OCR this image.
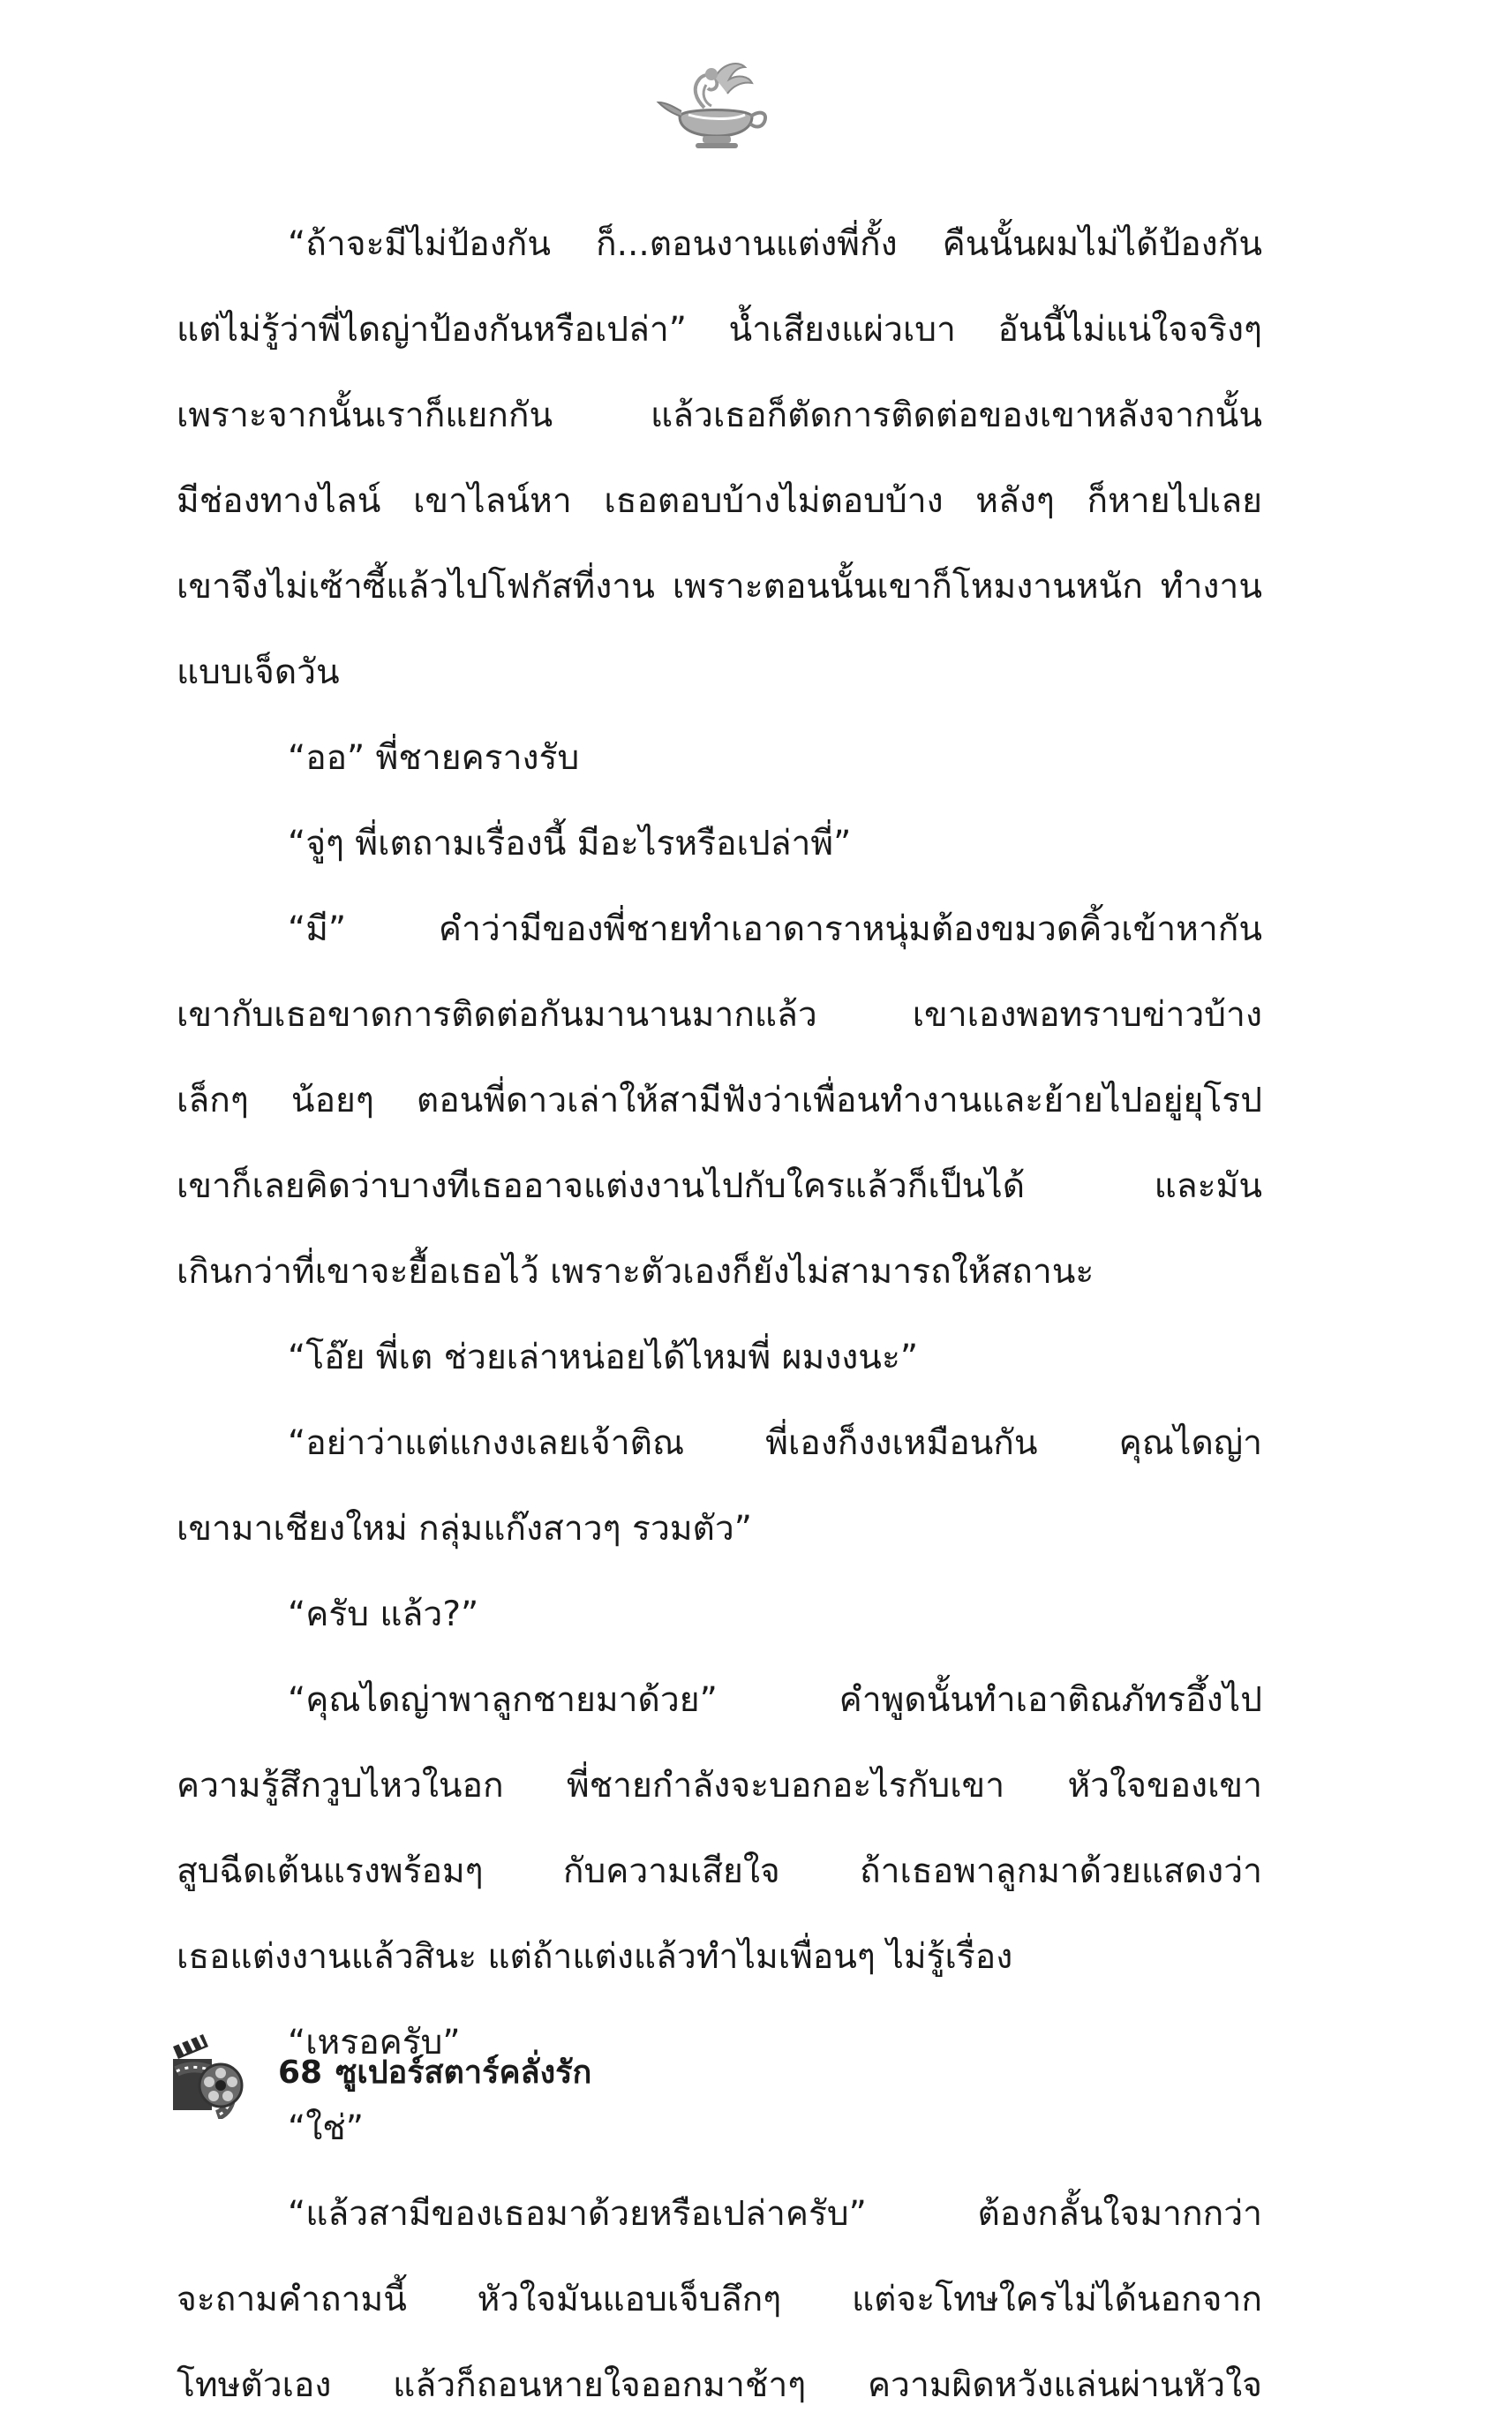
“ถ้าจะมีไม่ป้องกัน ก็...ตอนงานแต่งพี่กั้ง คืนนั้นผมไม่ได้ป้องกัน
แต่ไม่รู้ว่าพี่ไดญ่าป้องกันหรือเปล่า” น้ำเสียงแผ่วเบา อันนี้ไม่แน่ใจจริงๆ
เพราะจากนั้นเราก็แยกกัน แล้วเธอก็ตัดการติดต่อของเขาหลังจากนั้น
มีช่องทางไลน์ เขาไลน์หา เธอตอบบ้างไม่ตอบบ้าง หลังๆ ก็หายไปเลย
เขาจึงไม่เซ้าซี้แล้วไปโฟกัสที่งาน เพราะตอนนั้นเขาก็โหมงานหนัก ทำงาน
แบบเจ็ดวัน
“ออ” พี่ชายครางรับ
“จู่ๆ พี่เตถามเรื่องนี้ มีอะไรหรือเปล่าพี่”
“มี” คำว่ามีของพี่ชายทำเอาดาราหนุ่มต้องขมวดคิ้วเข้าหากัน
เขากับเธอขาดการติดต่อกันมานานมากแล้ว เขาเองพอทราบข่าวบ้าง
เล็กๆ น้อยๆ ตอนพี่ดาวเล่าให้สามีฟังว่าเพื่อนทำงานและย้ายไปอยู่ยุโรป
เขาก็เลยคิดว่าบางทีเธออาจแต่งงานไปกับใครแล้วก็เป็นได้ และมัน
เกินกว่าที่เขาจะยื้อเธอไว้ เพราะตัวเองก็ยังไม่สามารถให้สถานะ
“โอ๊ย พี่เต ช่วยเล่าหน่อยได้ไหมพี่ ผมงงนะ”
“อย่าว่าแต่แกงงเลยเจ้าติณ พี่เองก็งงเหมือนกัน คุณไดญ่า
เขามาเชียงใหม่ กลุ่มแก๊งสาวๆ รวมตัว”
“ครับ แล้ว?”
“คุณไดญ่าพาลูกชายมาด้วย” คำพูดนั้นทำเอาติณภัทรอึ้งไป
ความรู้สึกวูบไหวในอก พี่ชายกำลังจะบอกอะไรกับเขา หัวใจของเขา
สูบฉีดเต้นแรงพร้อมๆ กับความเสียใจ ถ้าเธอพาลูกมาด้วยแสดงว่า
เธอแต่งงานแล้วสินะ แต่ถ้าแต่งแล้วทำไมเพื่อนๆ ไม่รู้เรื่อง
“เหรอครับ”
“ใช่”
“แล้วสามีของเธอมาด้วยหรือเปล่าครับ” ต้องกลั้นใจมากกว่า
จะถามคำถามนี้ หัวใจมันแอบเจ็บลึกๆ แต่จะโทษใครไม่ได้นอกจาก
โทษตัวเอง แล้วก็ถอนหายใจออกมาช้าๆ ความผิดหวังแล่นผ่านหัวใจ
68 ซูเปอร์สตาร์คลั่งรัก
